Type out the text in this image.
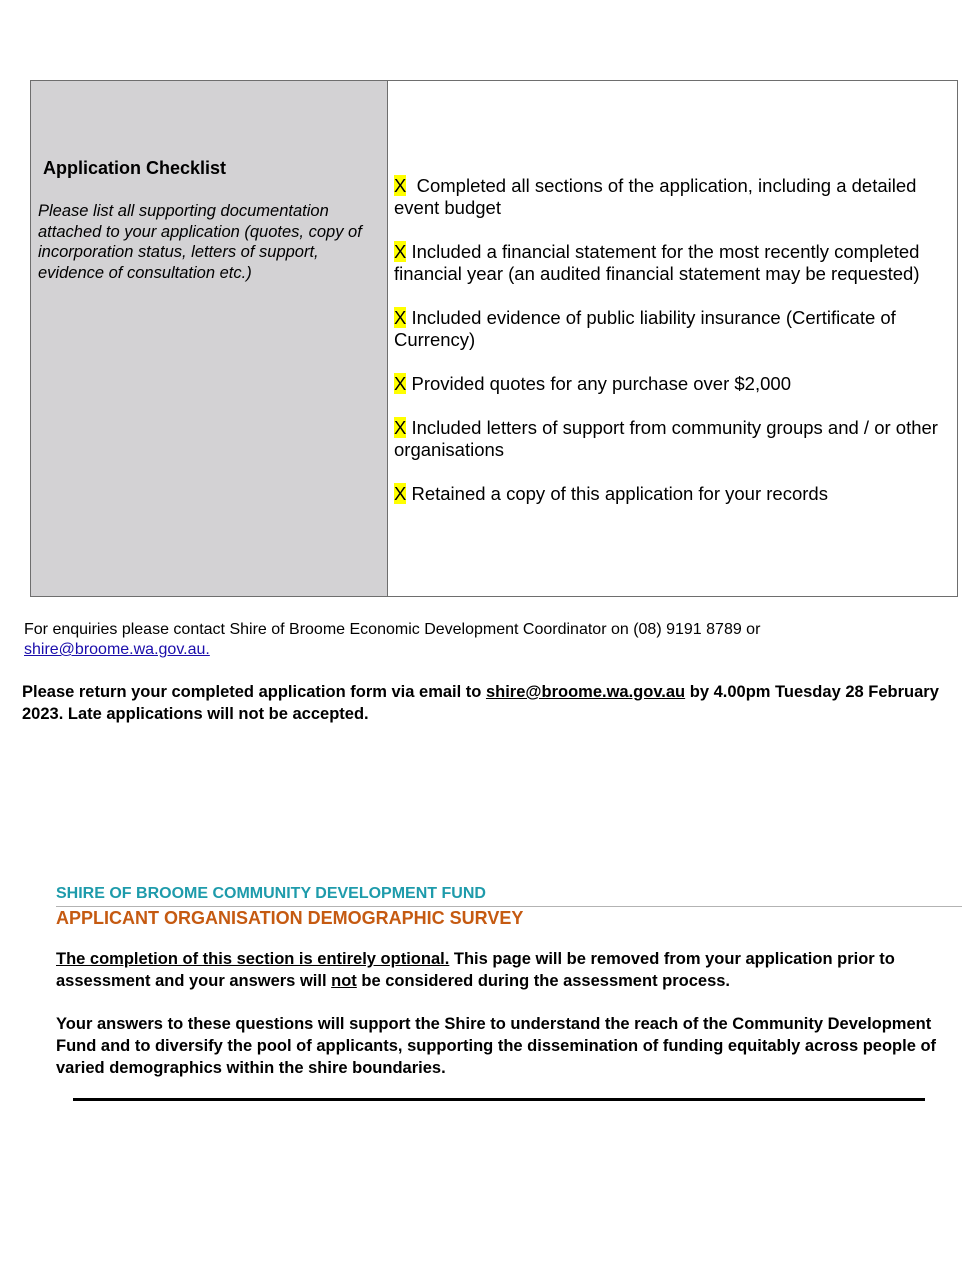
Application Checklist
Please list all supporting documentation attached to your application (quotes, copy of incorporation status, letters of support, evidence of consultation etc.)
X Completed all sections of the application, including a detailed event budget
X Included a financial statement for the most recently completed financial year (an audited financial statement may be requested)
X Included evidence of public liability insurance (Certificate of Currency)
X Provided quotes for any purchase over $2,000
X Included letters of support from community groups and / or other organisations
X Retained a copy of this application for your records
For enquiries please contact Shire of Broome Economic Development Coordinator on (08) 9191 8789 or
shire@broome.wa.gov.au.
Please return your completed application form via email to shire@broome.wa.gov.au by 4.00pm Tuesday 28 February 2023. Late applications will not be accepted.
SHIRE OF BROOME COMMUNITY DEVELOPMENT FUND
APPLICANT ORGANISATION DEMOGRAPHIC SURVEY
The completion of this section is entirely optional. This page will be removed from your application prior to assessment and your answers will not be considered during the assessment process.
Your answers to these questions will support the Shire to understand the reach of the Community Development Fund and to diversify the pool of applicants, supporting the dissemination of funding equitably across people of varied demographics within the shire boundaries.
